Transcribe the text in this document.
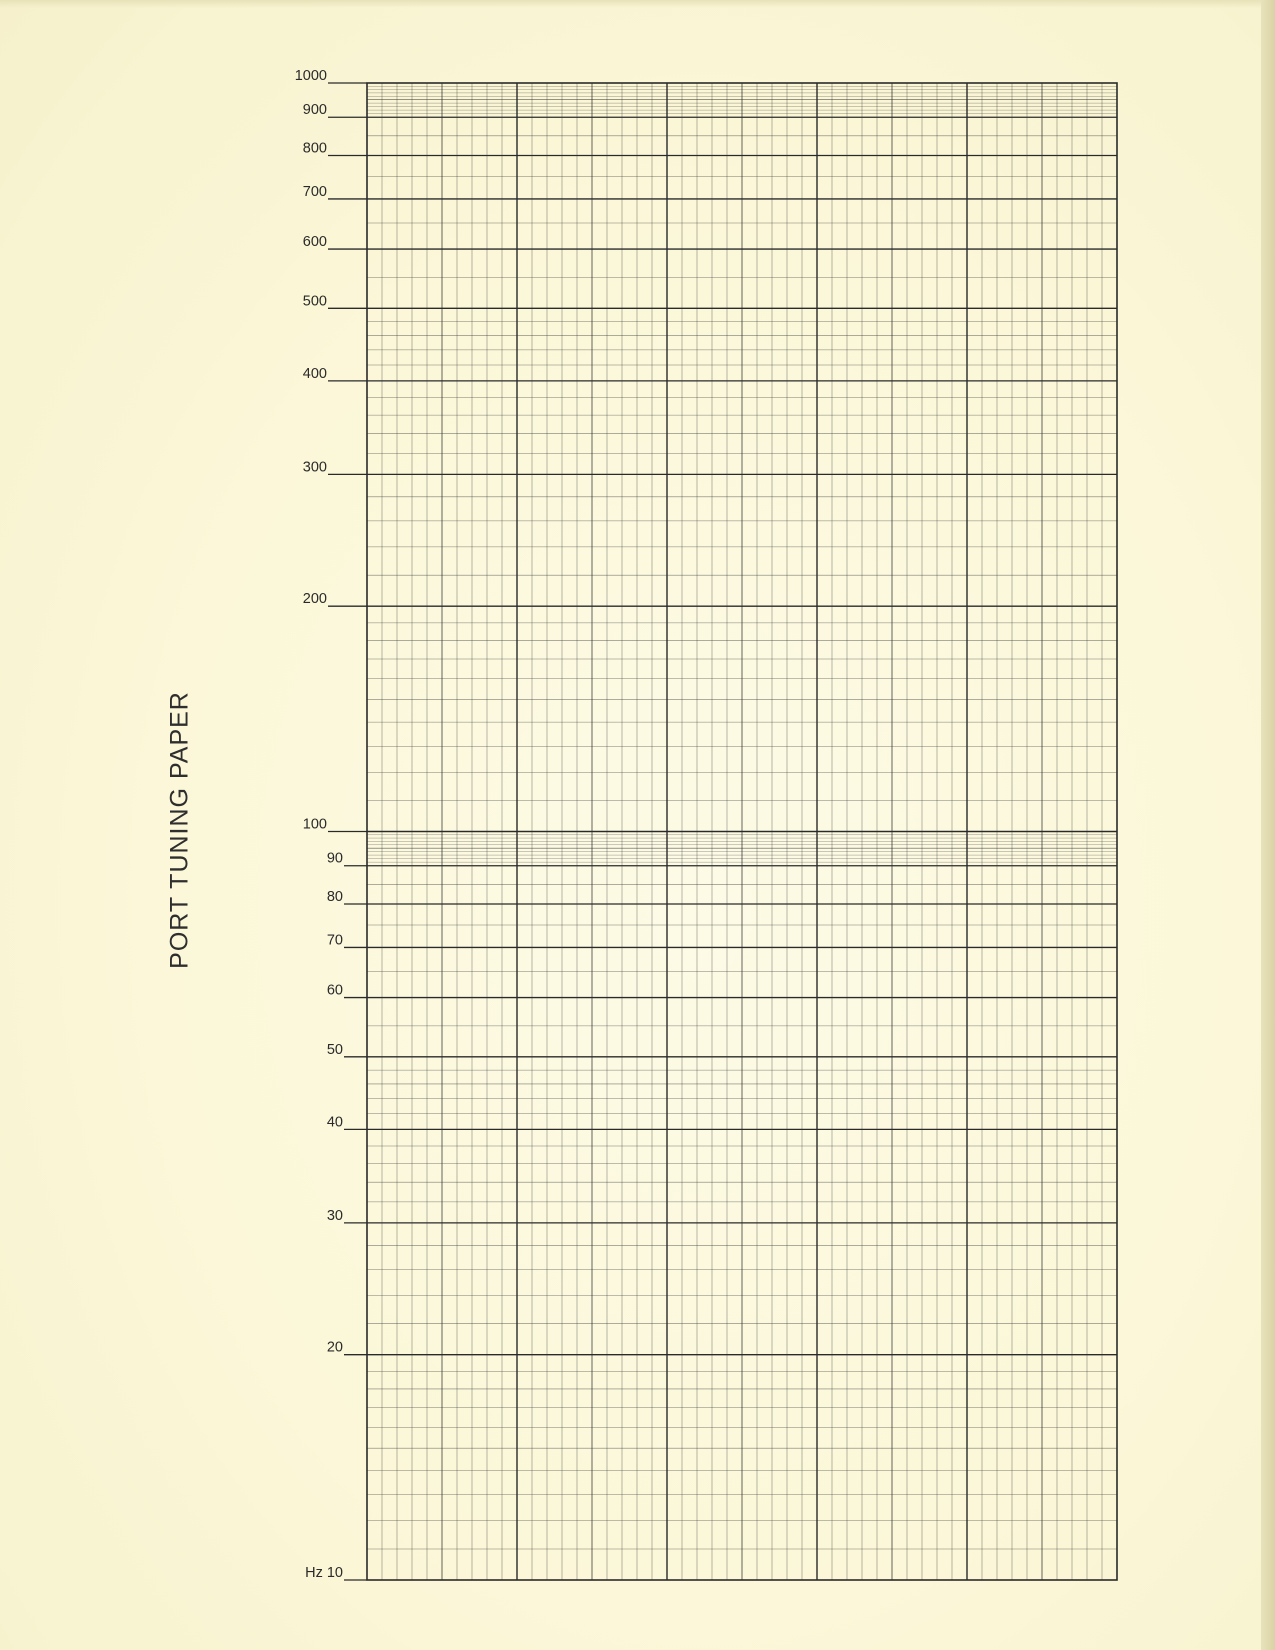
PORT TUNING PAPER
1000
900
800
700
600
500
400
300
200
100
90
80
70
60
50
40
30
20
Hz 10
